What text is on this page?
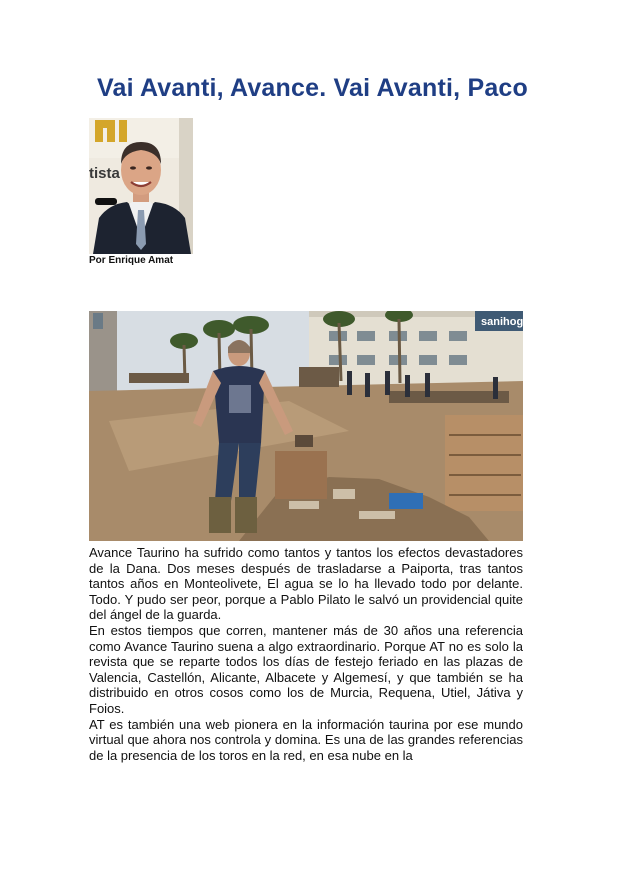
Vai Avanti, Avance. Vai Avanti, Paco
tista
Por Enrique Amat
sanihog

Avance Taurino ha sufrido como tantos y tantos los efectos devastadores de la Dana. Dos meses después de trasladarse a Paiporta, tras tantos tantos años en Monteolivete, El agua se lo ha llevado todo por delante. Todo. Y pudo ser peor, porque a Pablo Pilato le salvó un providencial quite del ángel de la guarda.

En estos tiempos que corren, mantener más de 30 años una referencia como Avance Taurino suena a algo extraordinario. Porque AT no es solo la revista que se reparte todos los días de festejo feriado en las plazas de Valencia, Castellón, Alicante, Albacete y Algemesí, y que también se ha distribuido en otros cosos como los de Murcia, Requena, Utiel, Játiva y Foios.

AT es también una web pionera en la información taurina por ese mundo virtual que ahora nos controla y domina. Es una de las grandes referencias de la presencia de los toros en la red, en esa nube en la
